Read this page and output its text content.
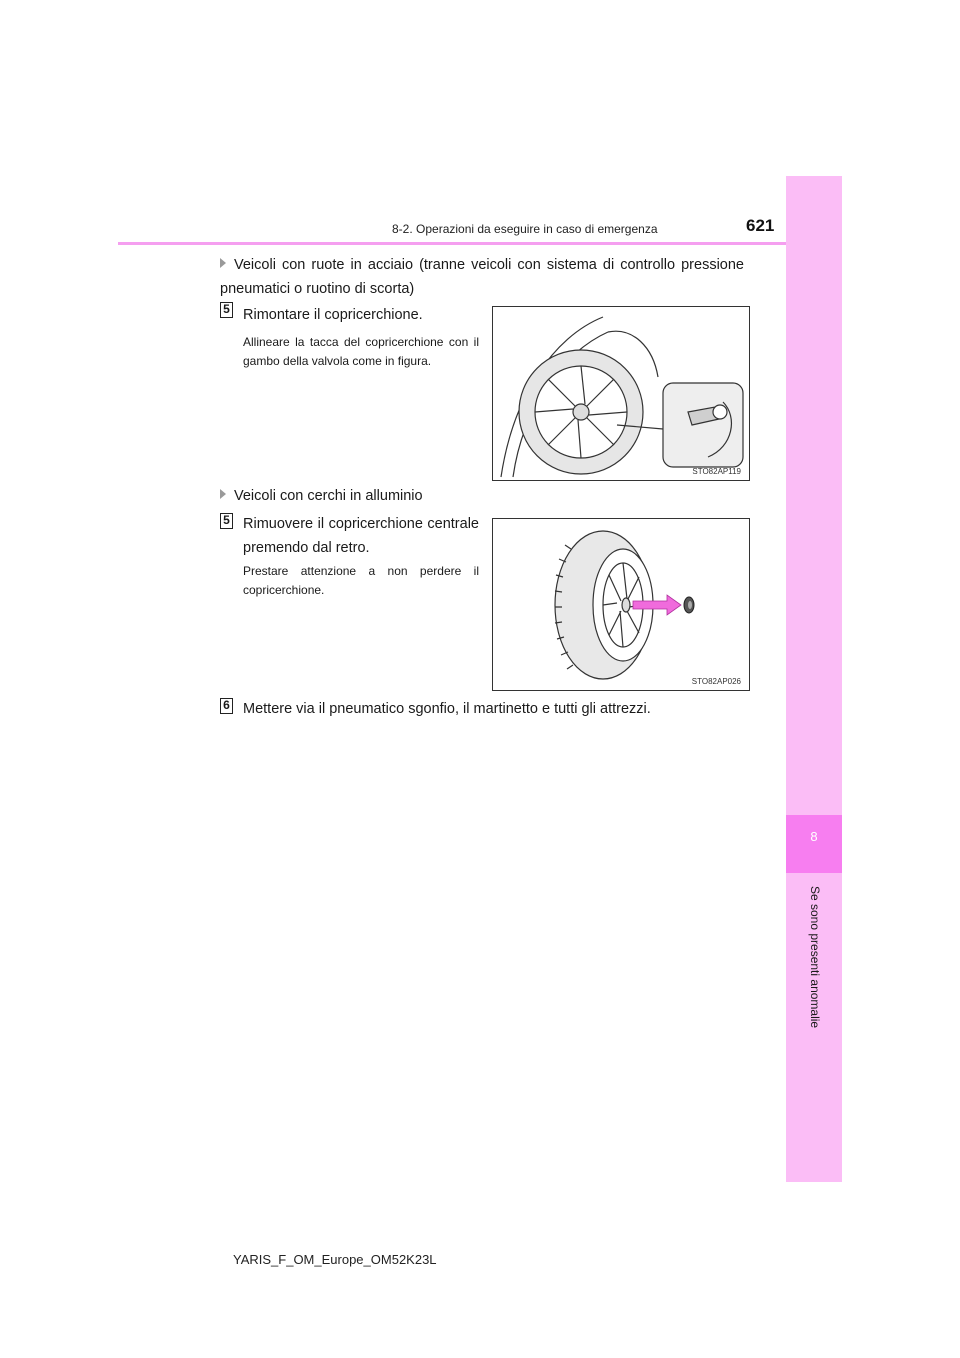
8
Se sono presenti anomalie
8-2. Operazioni da eseguire in caso di emergenza	621
Veicoli con ruote in acciaio (tranne veicoli con sistema di controllo pressione pneumatici o ruotino di scorta)
5 Rimontare il copricerchione.
Allineare la tacca del copricerchione con il gambo della valvola come in figura.
STO82AP119
Veicoli con cerchi in alluminio
5 Rimuovere il copricerchione centrale premendo dal retro.
Prestare attenzione a non perdere il copricerchione.
STO82AP026
6 Mettere via il pneumatico sgonfio, il martinetto e tutti gli attrezzi.
YARIS_F_OM_Europe_OM52K23L
